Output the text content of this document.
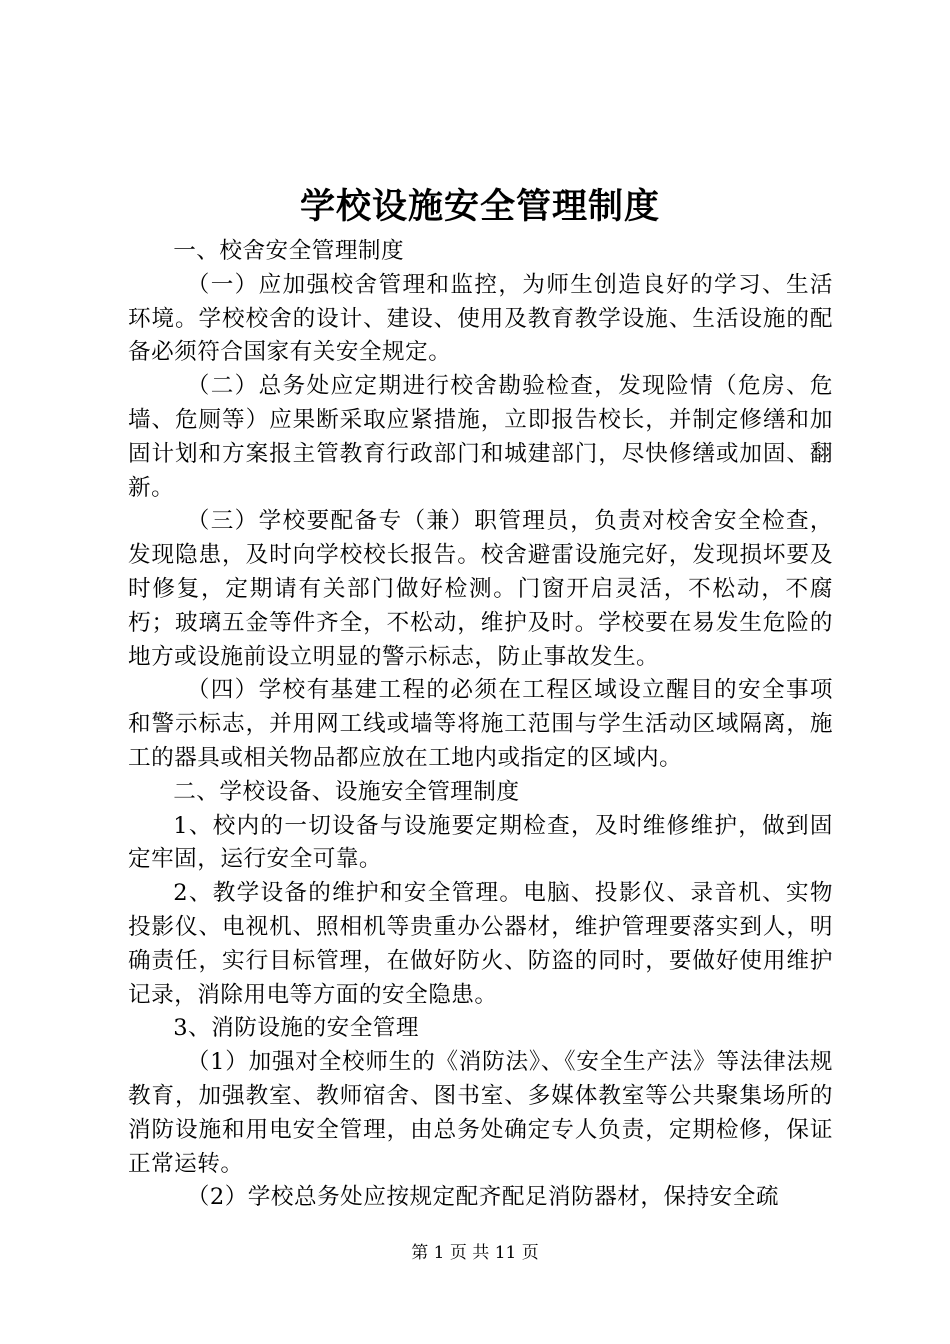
学校设施安全管理制度

一、校舍安全管理制度

（一）应加强校舍管理和监控，为师生创造良好的学习、生活环境。学校校舍的设计、建设、使用及教育教学设施、生活设施的配备必须符合国家有关安全规定。

（二）总务处应定期进行校舍勘验检查，发现险情（危房、危墙、危厕等）应果断采取应紧措施，立即报告校长，并制定修缮和加固计划和方案报主管教育行政部门和城建部门，尽快修缮或加固、翻新。

（三）学校要配备专（兼）职管理员，负责对校舍安全检查，发现隐患，及时向学校校长报告。校舍避雷设施完好，发现损坏要及时修复，定期请有关部门做好检测。门窗开启灵活，不松动，不腐朽；玻璃五金等件齐全，不松动，维护及时。学校要在易发生危险的地方或设施前设立明显的警示标志，防止事故发生。

（四）学校有基建工程的必须在工程区域设立醒目的安全事项和警示标志，并用网工线或墙等将施工范围与学生活动区域隔离，施工的器具或相关物品都应放在工地内或指定的区域内。

二、学校设备、设施安全管理制度

1、校内的一切设备与设施要定期检查，及时维修维护，做到固定牢固，运行安全可靠。

2、教学设备的维护和安全管理。电脑、投影仪、录音机、实物投影仪、电视机、照相机等贵重办公器材，维护管理要落实到人，明确责任，实行目标管理，在做好防火、防盗的同时，要做好使用维护记录，消除用电等方面的安全隐患。

3、消防设施的安全管理

（1）加强对全校师生的《消防法》、《安全生产法》等法律法规教育，加强教室、教师宿舍、图书室、多媒体教室等公共聚集场所的消防设施和用电安全管理，由总务处确定专人负责，定期检修，保证正常运转。

（2）学校总务处应按规定配齐配足消防器材，保持安全疏

第 1 页 共 11 页
